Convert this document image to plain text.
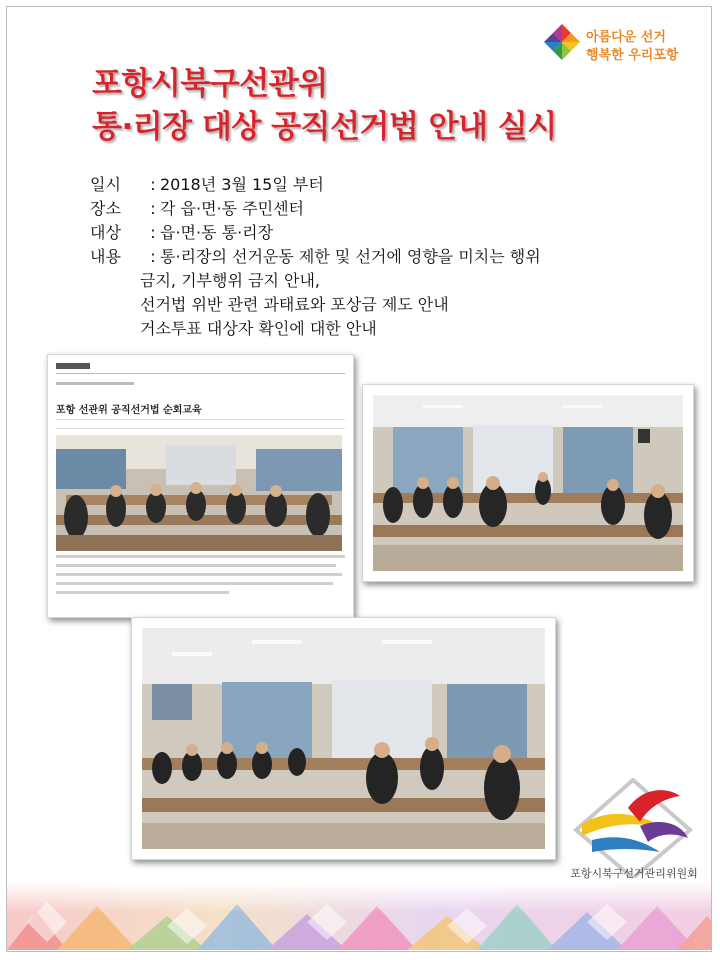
아름다운 선거
행복한 우리포항
포항시북구선관위
통·리장 대상 공직선거법 안내 실시
일시	: 2018년 3월 15일 부터
장소	: 각 읍·면·동 주민센터
대상	: 읍·면·동 통·리장
내용	: 통·리장의 선거운동 제한 및 선거에 영향을 미치는 행위
금지, 기부행위 금지 안내,
선거법 위반 관련 과태료와 포상금 제도 안내
거소투표 대상자 확인에 대한 안내
포항 선관위 공직선거법 순회교육
포항시북구선거관리위원회
